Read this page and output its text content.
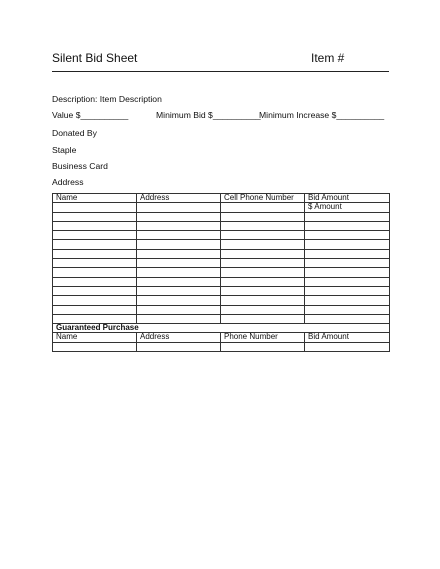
Silent Bid Sheet	Item #
Description: Item Description
Value $__________	Minimum Bid $__________
Minimum Increase $__________
Donated By
Staple
Business Card
Address
Name	Address	Cell Phone Number	Bid Amount
			$ Amount

Guaranteed Purchase			
Name	Address	Phone Number	Bid Amount
